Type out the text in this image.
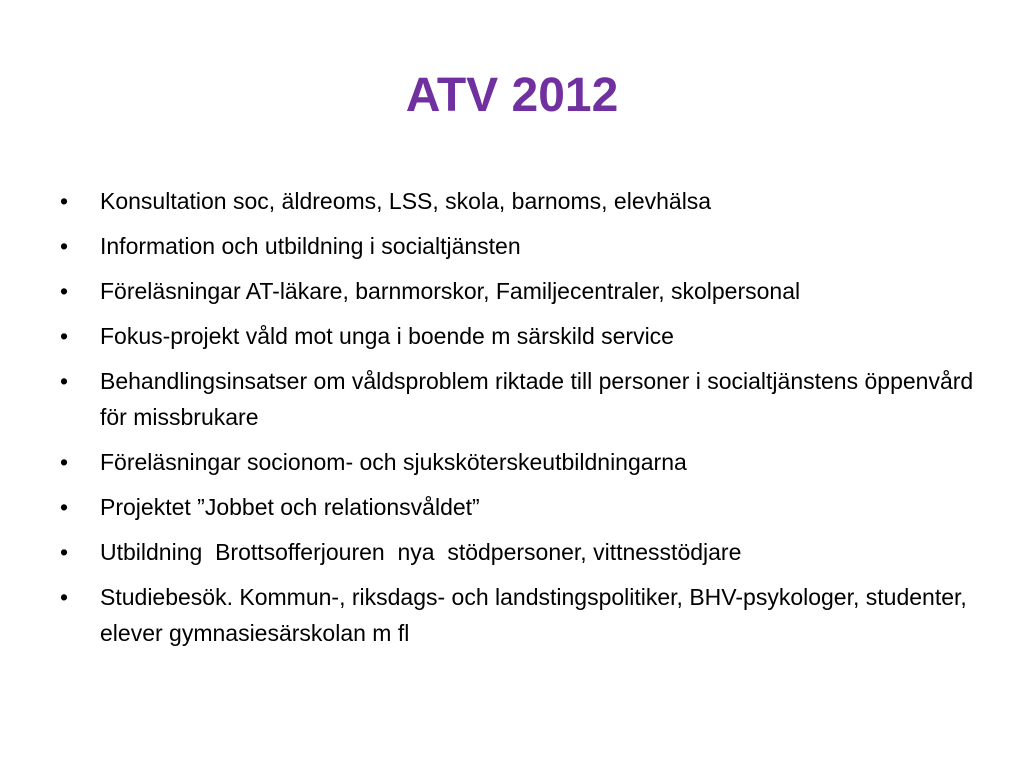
ATV 2012
•	Konsultation soc, äldreoms, LSS, skola, barnoms, elevhälsa
•	Information och utbildning i socialtjänsten
•	Föreläsningar AT-läkare, barnmorskor, Familjecentraler, skolpersonal
•	Fokus-projekt våld mot unga i boende m särskild service
•	Behandlingsinsatser om våldsproblem riktade till personer i socialtjänstens öppenvård för missbrukare
•	Föreläsningar socionom- och sjuksköterskeutbildningarna
•	Projektet ”Jobbet och relationsvåldet”
•	Utbildning  Brottsofferjouren  nya  stödpersoner, vittnesstödjare
•	Studiebesök. Kommun-, riksdags- och landstingspolitiker, BHV-psykologer, studenter, elever gymnasiesärskolan m fl
